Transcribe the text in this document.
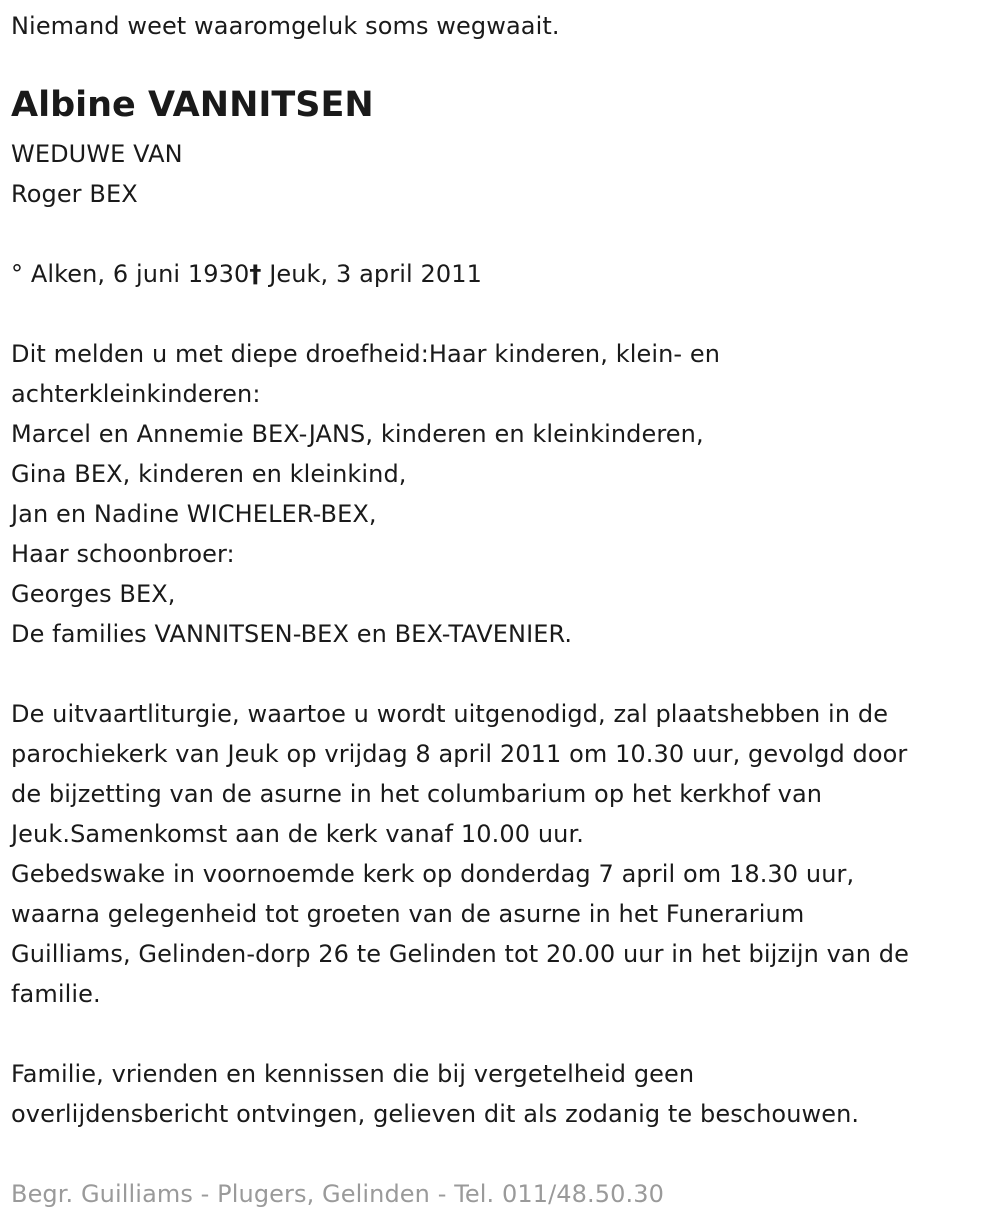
Niemand weet waaromgeluk soms wegwaait.
Albine VANNITSEN
WEDUWE VAN
Roger BEX
° Alken, 6 juni 1930† Jeuk, 3 april 2011
Dit melden u met diepe droefheid:Haar kinderen, klein- en
achterkleinkinderen:
Marcel en Annemie BEX-JANS, kinderen en kleinkinderen,
Gina BEX, kinderen en kleinkind,
Jan en Nadine WICHELER-BEX,
Haar schoonbroer:
Georges BEX,
De families VANNITSEN-BEX en BEX-TAVENIER.
De uitvaartliturgie, waartoe u wordt uitgenodigd, zal plaatshebben in de
parochiekerk van Jeuk op vrijdag 8 april 2011 om 10.30 uur, gevolgd door
de bijzetting van de asurne in het columbarium op het kerkhof van
Jeuk.Samenkomst aan de kerk vanaf 10.00 uur.
Gebedswake in voornoemde kerk op donderdag 7 april om 18.30 uur,
waarna gelegenheid tot groeten van de asurne in het Funerarium
Guilliams, Gelinden-dorp 26 te Gelinden tot 20.00 uur in het bijzijn van de
familie.
Familie, vrienden en kennissen die bij vergetelheid geen
overlijdensbericht ontvingen, gelieven dit als zodanig te beschouwen.
Begr. Guilliams - Plugers, Gelinden - Tel. 011/48.50.30
